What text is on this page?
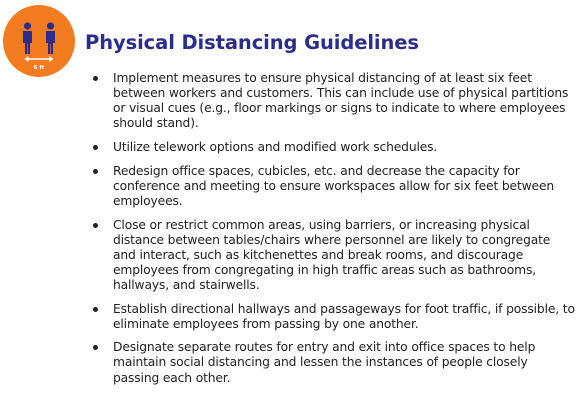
6 ft
Physical Distancing Guidelines
Implement measures to ensure physical distancing of at least six feet between workers and customers. This can include use of physical partitions or visual cues (e.g., floor markings or signs to indicate to where employees should stand).
Utilize telework options and modified work schedules.
Redesign office spaces, cubicles, etc. and decrease the capacity for conference and meeting to ensure workspaces allow for six feet between employees.
Close or restrict common areas, using barriers, or increasing physical distance between tables/chairs where personnel are likely to congregate and interact, such as kitchenettes and break rooms, and discourage employees from congregating in high traffic areas such as bathrooms, hallways, and stairwells.
Establish directional hallways and passageways for foot traffic, if possible, to eliminate employees from passing by one another.
Designate separate routes for entry and exit into office spaces to help maintain social distancing and lessen the instances of people closely passing each other.
